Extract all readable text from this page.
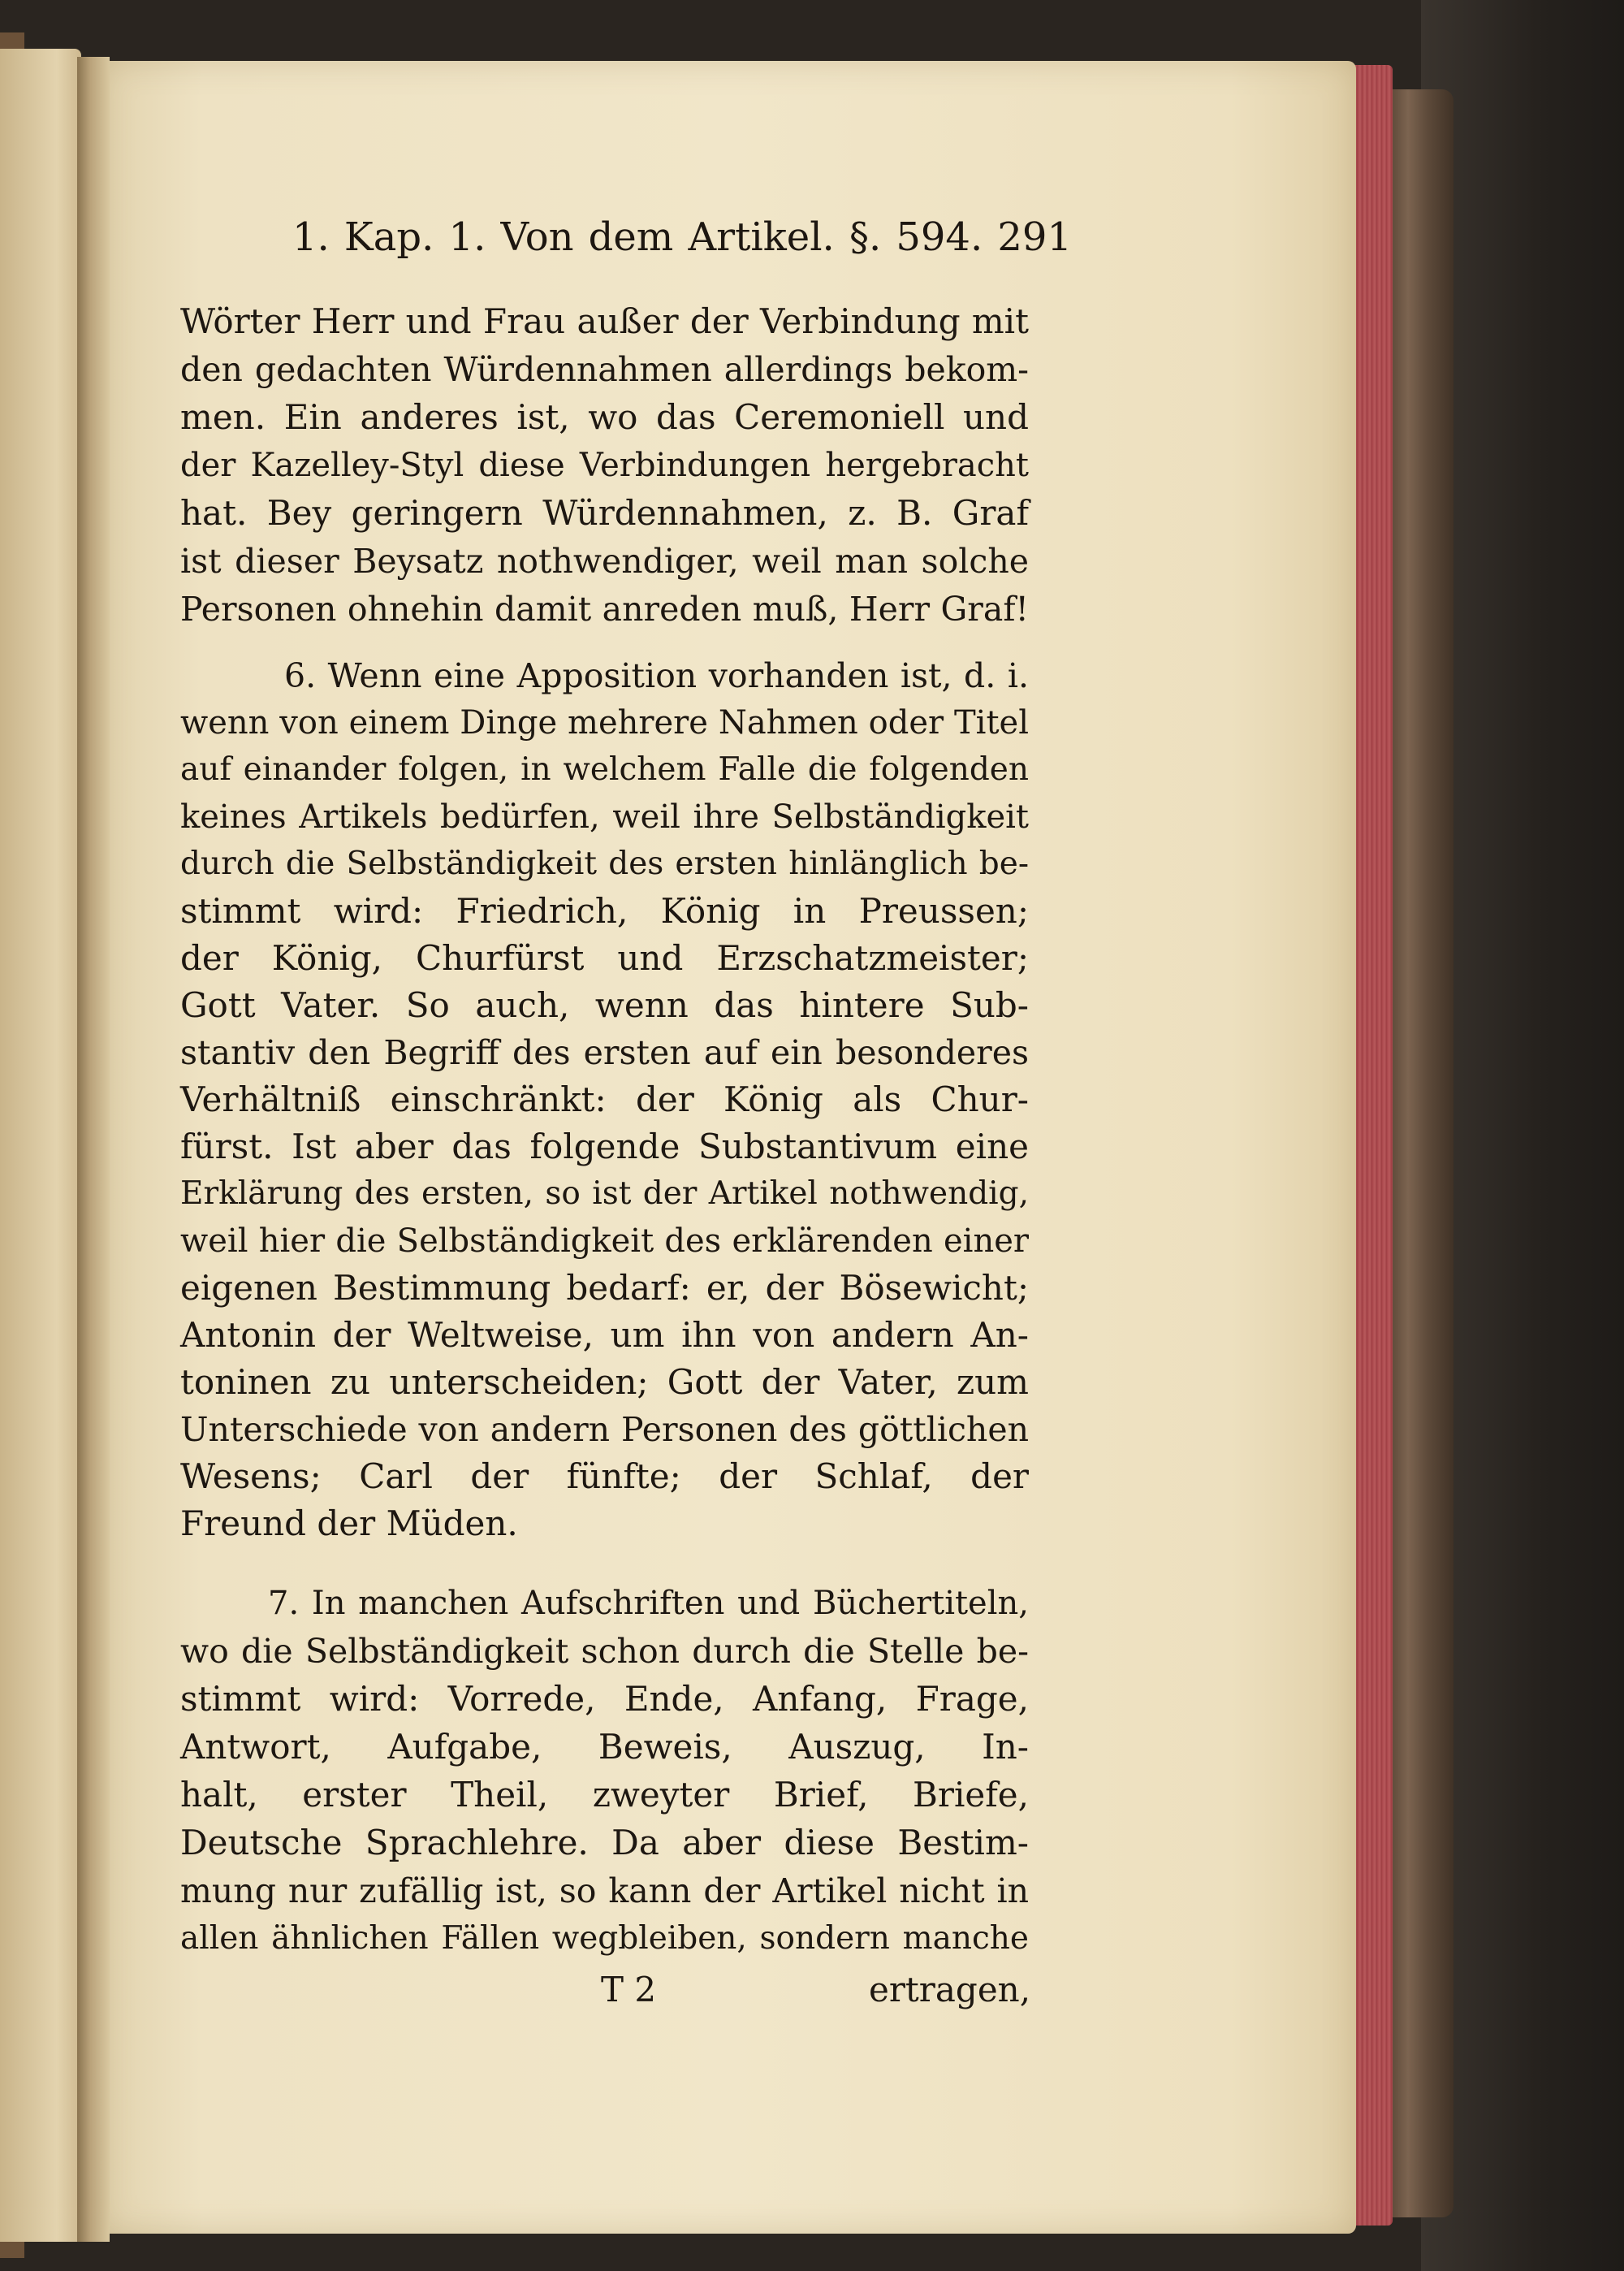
1. Kap. 1. Von dem Artikel. §. 594. 291

Wörter Herr und Frau außer der Verbindung mit

den gedachten Würdennahmen allerdings bekom-

men. Ein anderes ist, wo das Ceremoniell und

der Kazelley-Styl diese Verbindungen hergebracht

hat. Bey geringern Würdennahmen, z. B. Graf

ist dieser Beysatz nothwendiger, weil man solche

Personen ohnehin damit anreden muß, Herr Graf!

6. Wenn eine Apposition vorhanden ist, d. i.

wenn von einem Dinge mehrere Nahmen oder Titel

auf einander folgen, in welchem Falle die folgenden

keines Artikels bedürfen, weil ihre Selbständigkeit

durch die Selbständigkeit des ersten hinlänglich be-

stimmt wird: Friedrich, König in Preussen;

der König, Churfürst und Erzschatzmeister;

Gott Vater. So auch, wenn das hintere Sub-

stantiv den Begriff des ersten auf ein besonderes

Verhältniß einschränkt: der König als Chur-

fürst. Ist aber das folgende Substantivum eine

Erklärung des ersten, so ist der Artikel nothwendig,

weil hier die Selbständigkeit des erklärenden einer

eigenen Bestimmung bedarf: er, der Bösewicht;

Antonin der Weltweise, um ihn von andern An-

toninen zu unterscheiden; Gott der Vater, zum

Unterschiede von andern Personen des göttlichen

Wesens; Carl der fünfte; der Schlaf, der

Freund der Müden.

7. In manchen Aufschriften und Büchertiteln,

wo die Selbständigkeit schon durch die Stelle be-

stimmt wird: Vorrede, Ende, Anfang, Frage,

Antwort, Aufgabe, Beweis, Auszug, In-

halt, erster Theil, zweyter Brief, Briefe,

Deutsche Sprachlehre. Da aber diese Bestim-

mung nur zufällig ist, so kann der Artikel nicht in

allen ähnlichen Fällen wegbleiben, sondern manche

T 2	ertragen,
